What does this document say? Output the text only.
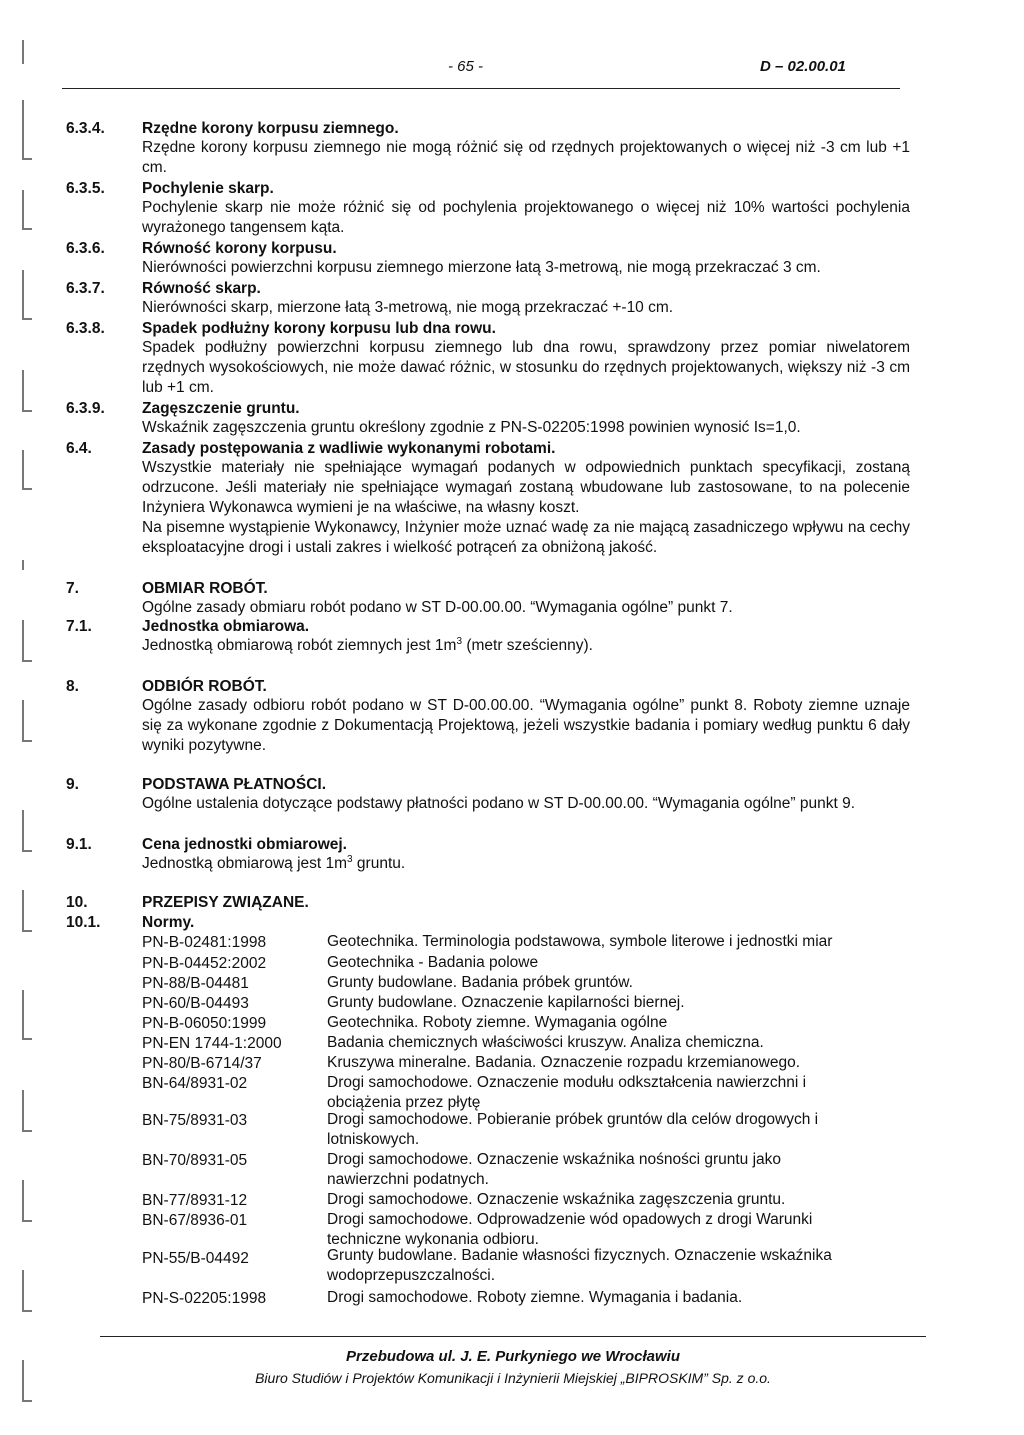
- 65 -	D – 02.00.01
6.3.4. Rzędne korony korpusu ziemnego.
Rzędne korony korpusu ziemnego nie mogą różnić się od rzędnych projektowanych o więcej niż -3 cm lub +1 cm.
6.3.5. Pochylenie skarp.
Pochylenie skarp nie może różnić się od pochylenia projektowanego o więcej niż 10% wartości pochylenia wyrażonego tangensem kąta.
6.3.6. Równość korony korpusu.
Nierówności powierzchni korpusu ziemnego mierzone łatą 3-metrową, nie mogą przekraczać 3 cm.
6.3.7. Równość skarp.
Nierówności skarp, mierzone łatą 3-metrową, nie mogą przekraczać +-10 cm.
6.3.8. Spadek podłużny korony korpusu lub dna rowu.
Spadek podłużny powierzchni korpusu ziemnego lub dna rowu, sprawdzony przez pomiar niwelatorem rzędnych wysokościowych, nie może dawać różnic, w stosunku do rzędnych projektowanych, większy niż -3 cm lub +1 cm.
6.3.9. Zagęszczenie gruntu.
Wskaźnik zagęszczenia gruntu określony zgodnie z PN-S-02205:1998 powinien wynosić Is=1,0.
6.4.	Zasady postępowania z wadliwie wykonanymi robotami.
Wszystkie materiały nie spełniające wymagań podanych w odpowiednich punktach specyfikacji, zostaną odrzucone. Jeśli materiały nie spełniające wymagań zostaną wbudowane lub zastosowane, to na polecenie Inżyniera Wykonawca wymieni je na właściwe, na własny koszt.
Na pisemne wystąpienie Wykonawcy, Inżynier może uznać wadę za nie mającą zasadniczego wpływu na cechy eksploatacyjne drogi i ustali zakres i wielkość potrąceń za obniżoną jakość.
7.	OBMIAR ROBÓT.
Ogólne zasady obmiaru robót podano w ST D-00.00.00. “Wymagania ogólne” punkt 7.
7.1.	Jednostka obmiarowa.
Jednostką obmiarową robót ziemnych jest $1m^3$ (metr sześcienny).
8.	ODBIÓR ROBÓT.
Ogólne zasady odbioru robót podano w ST D-00.00.00. “Wymagania ogólne” punkt 8. Roboty ziemne uznaje się za wykonane zgodnie z Dokumentacją Projektową, jeżeli wszystkie badania i pomiary według punktu 6 dały wyniki pozytywne.
9.	PODSTAWA PŁATNOŚCI.
Ogólne ustalenia dotyczące podstawy płatności podano w ST D-00.00.00. “Wymagania ogólne” punkt 9.
9.1.	Cena jednostki obmiarowej.
Jednostką obmiarową jest $1m^3$ gruntu.
10.	PRZEPISY ZWIĄZANE.
10.1.	Normy.
PN-B-02481:1998	Geotechnika. Terminologia podstawowa, symbole literowe i jednostki miar
PN-B-04452:2002	Geotechnika - Badania polowe
PN-88/B-04481	Grunty budowlane. Badania próbek gruntów.
PN-60/B-04493	Grunty budowlane. Oznaczenie kapilarności biernej.
PN-B-06050:1999	Geotechnika. Roboty ziemne. Wymagania ogólne
PN-EN 1744-1:2000	Badania chemicznych właściwości kruszyw. Analiza chemiczna.
PN-80/B-6714/37	Kruszywa mineralne. Badania. Oznaczenie rozpadu krzemianowego.
BN-64/8931-02	Drogi samochodowe. Oznaczenie modułu odkształcenia nawierzchni i obciążenia przez płytę
BN-75/8931-03	Drogi samochodowe. Pobieranie próbek gruntów dla celów drogowych i lotniskowych.
BN-70/8931-05	Drogi samochodowe. Oznaczenie wskaźnika nośności gruntu jako nawierzchni podatnych.
BN-77/8931-12	Drogi samochodowe. Oznaczenie wskaźnika zagęszczenia gruntu.
BN-67/8936-01	Drogi samochodowe. Odprowadzenie wód opadowych z drogi Warunki techniczne wykonania odbioru.
PN-55/B-04492	Grunty budowlane. Badanie własności fizycznych. Oznaczenie wskaźnika wodoprzepuszczalności.
PN-S-02205:1998	Drogi samochodowe. Roboty ziemne. Wymagania i badania.
Przebudowa ul. J. E. Purkyniego we Wrocławiu
Biuro Studiów i Projektów Komunikacji i Inżynierii Miejskiej „BIPROSKIM” Sp. z o.o.
